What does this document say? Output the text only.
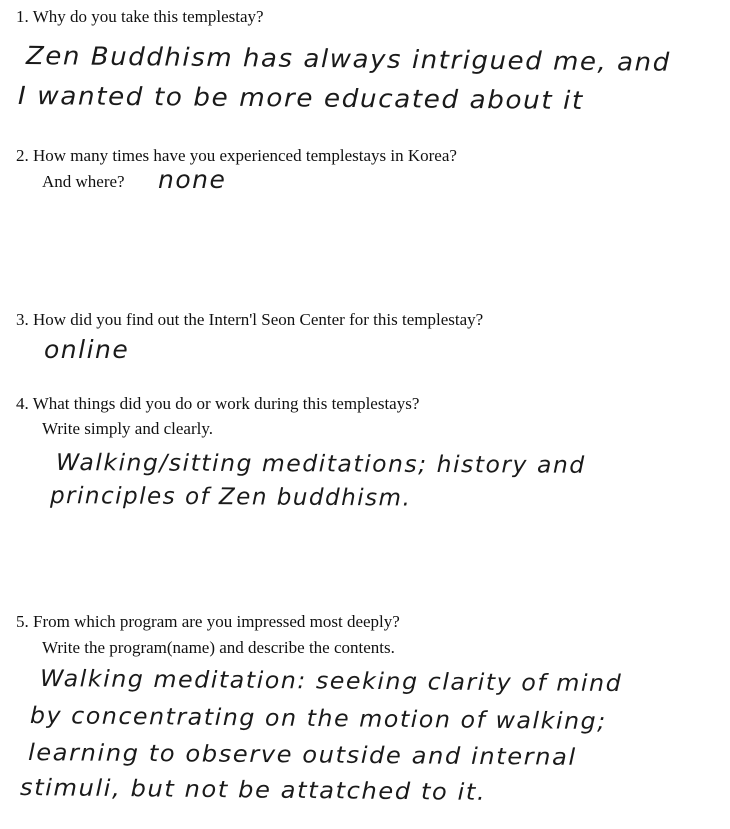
1. Why do you take this templestay?
Zen Buddhism has always intrigued me, and
I wanted to be more educated about it
2. How many times have you experienced templestays in Korea?
And where? none
3. How did you find out the Intern'l Seon Center for this templestay?
online
4. What things did you do or work during this templestays?
Write simply and clearly.
Walking/sitting meditations; history and
principles of Zen buddhism.
5. From which program are you impressed most deeply?
Write the program(name) and describe the contents.
Walking meditation: seeking clarity of mind
by concentrating on the motion of walking;
learning to observe outside and internal
stimuli, but not be attatched to it.
